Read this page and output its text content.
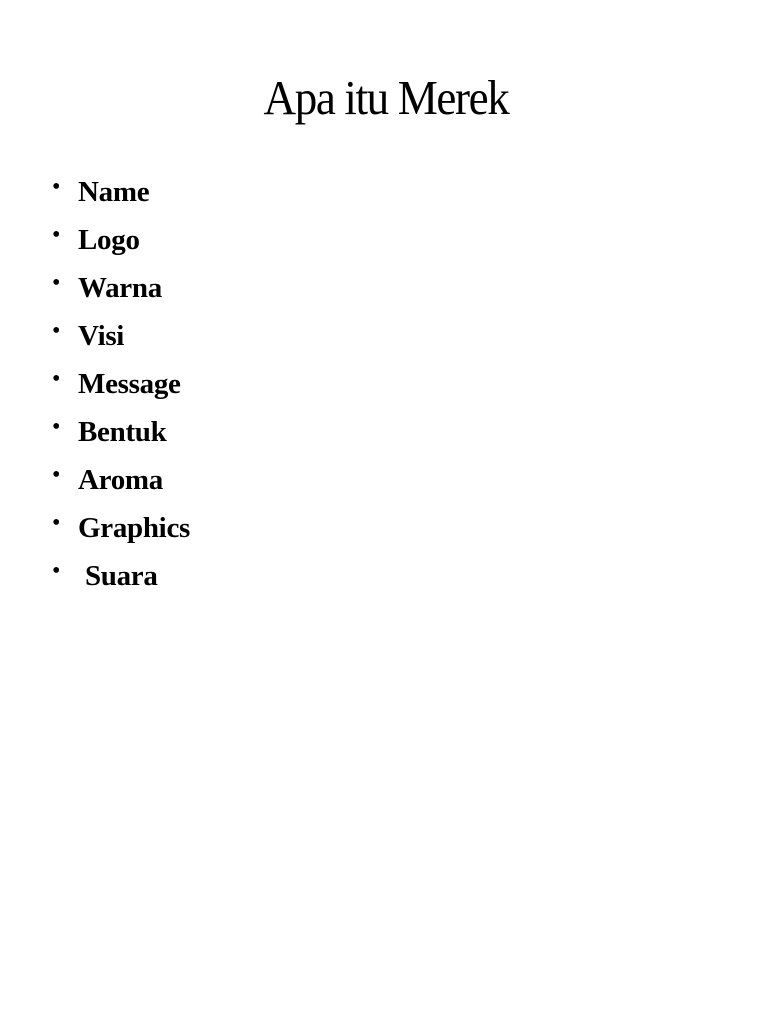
Apa itu Merek

•

Name

•

Logo

•

Warna

•

Visi

•

Message

•

Bentuk

•

Aroma

•

Graphics

•

Suara
